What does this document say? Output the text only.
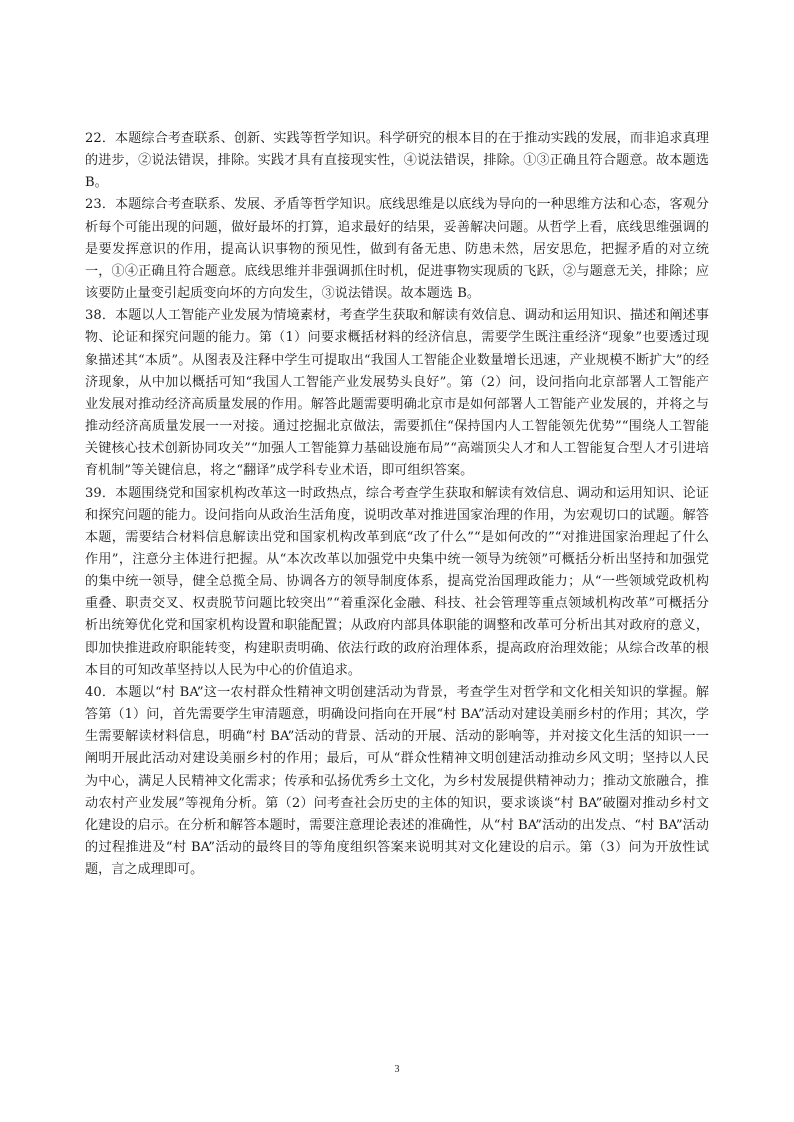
22．本题综合考查联系、创新、实践等哲学知识。科学研究的根本目的在于推动实践的发展，而非追求真理的进步，②说法错误，排除。实践才具有直接现实性，④说法错误，排除。①③正确且符合题意。故本题选 B。

23．本题综合考查联系、发展、矛盾等哲学知识。底线思维是以底线为导向的一种思维方法和心态，客观分析每个可能出现的问题，做好最坏的打算，追求最好的结果，妥善解决问题。从哲学上看，底线思维强调的是要发挥意识的作用，提高认识事物的预见性，做到有备无患、防患未然，居安思危，把握矛盾的对立统一，①④正确且符合题意。底线思维并非强调抓住时机，促进事物实现质的飞跃，②与题意无关，排除；应该要防止量变引起质变向坏的方向发生，③说法错误。故本题选 B。

38．本题以人工智能产业发展为情境素材，考查学生获取和解读有效信息、调动和运用知识、描述和阐述事物、论证和探究问题的能力。第（1）问要求概括材料的经济信息，需要学生既注重经济“现象”也要透过现象描述其“本质”。从图表及注释中学生可提取出“我国人工智能企业数量增长迅速，产业规模不断扩大”的经济现象，从中加以概括可知“我国人工智能产业发展势头良好”。第（2）问，设问指向北京部署人工智能产业发展对推动经济高质量发展的作用。解答此题需要明确北京市是如何部署人工智能产业发展的，并将之与推动经济高质量发展一一对接。通过挖掘北京做法，需要抓住“保持国内人工智能领先优势”“围绕人工智能关键核心技术创新协同攻关”“加强人工智能算力基础设施布局”“高端顶尖人才和人工智能复合型人才引进培育机制”等关键信息，将之“翻译”成学科专业术语，即可组织答案。

39．本题围绕党和国家机构改革这一时政热点，综合考查学生获取和解读有效信息、调动和运用知识、论证和探究问题的能力。设问指向从政治生活角度，说明改革对推进国家治理的作用，为宏观切口的试题。解答本题，需要结合材料信息解读出党和国家机构改革到底“改了什么”“是如何改的”“对推进国家治理起了什么作用”，注意分主体进行把握。从“本次改革以加强党中央集中统一领导为统领”可概括分析出坚持和加强党的集中统一领导，健全总揽全局、协调各方的领导制度体系，提高党治国理政能力；从“一些领域党政机构重叠、职责交叉、权责脱节问题比较突出”“着重深化金融、科技、社会管理等重点领域机构改革”可概括分析出统筹优化党和国家机构设置和职能配置；从政府内部具体职能的调整和改革可分析出其对政府的意义，即加快推进政府职能转变，构建职责明确、依法行政的政府治理体系，提高政府治理效能；从综合改革的根本目的可知改革坚持以人民为中心的价值追求。

40．本题以“村 BA”这一农村群众性精神文明创建活动为背景，考查学生对哲学和文化相关知识的掌握。解答第（1）问，首先需要学生审清题意，明确设问指向在开展“村 BA”活动对建设美丽乡村的作用；其次，学生需要解读材料信息，明确“村 BA”活动的背景、活动的开展、活动的影响等，并对接文化生活的知识一一阐明开展此活动对建设美丽乡村的作用；最后，可从“群众性精神文明创建活动推动乡风文明；坚持以人民为中心，满足人民精神文化需求；传承和弘扬优秀乡土文化，为乡村发展提供精神动力；推动文旅融合，推动农村产业发展”等视角分析。第（2）问考查社会历史的主体的知识，要求谈谈“村 BA”破圈对推动乡村文化建设的启示。在分析和解答本题时，需要注意理论表述的准确性，从“村 BA”活动的出发点、“村 BA”活动的过程推进及“村 BA”活动的最终目的等角度组织答案来说明其对文化建设的启示。第（3）问为开放性试题，言之成理即可。

3
